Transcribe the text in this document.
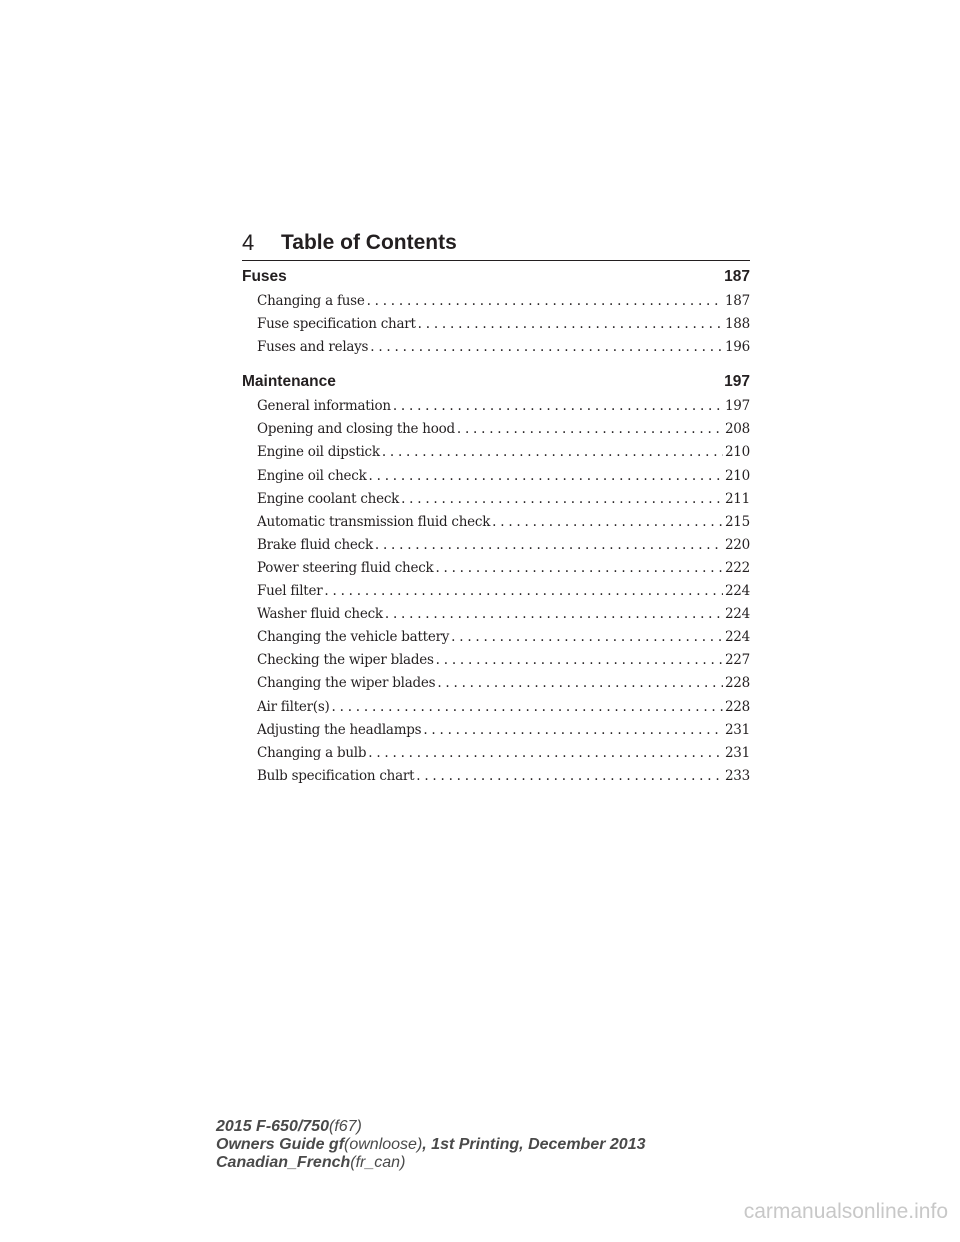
4 Table of Contents
Fuses	187
Changing a fuse . . .	187
Fuse specification chart . . .	188
Fuses and relays . . .	196
Maintenance	197
General information . . .	197
Opening and closing the hood . . .	208
Engine oil dipstick . . .	210
Engine oil check . . .	210
Engine coolant check . . .	211
Automatic transmission fluid check . . .	215
Brake fluid check . . .	220
Power steering fluid check . . .	222
Fuel filter . . .	224
Washer fluid check . . .	224
Changing the vehicle battery . . .	224
Checking the wiper blades . . .	227
Changing the wiper blades . . .	228
Air filter(s) . . .	228
Adjusting the headlamps . . .	231
Changing a bulb . . .	231
Bulb specification chart . . .	233
2015 F-650/750(f67)
Owners Guide gf(ownloose), 1st Printing, December 2013
Canadian_French(fr_can)
carmanualsonline.info
